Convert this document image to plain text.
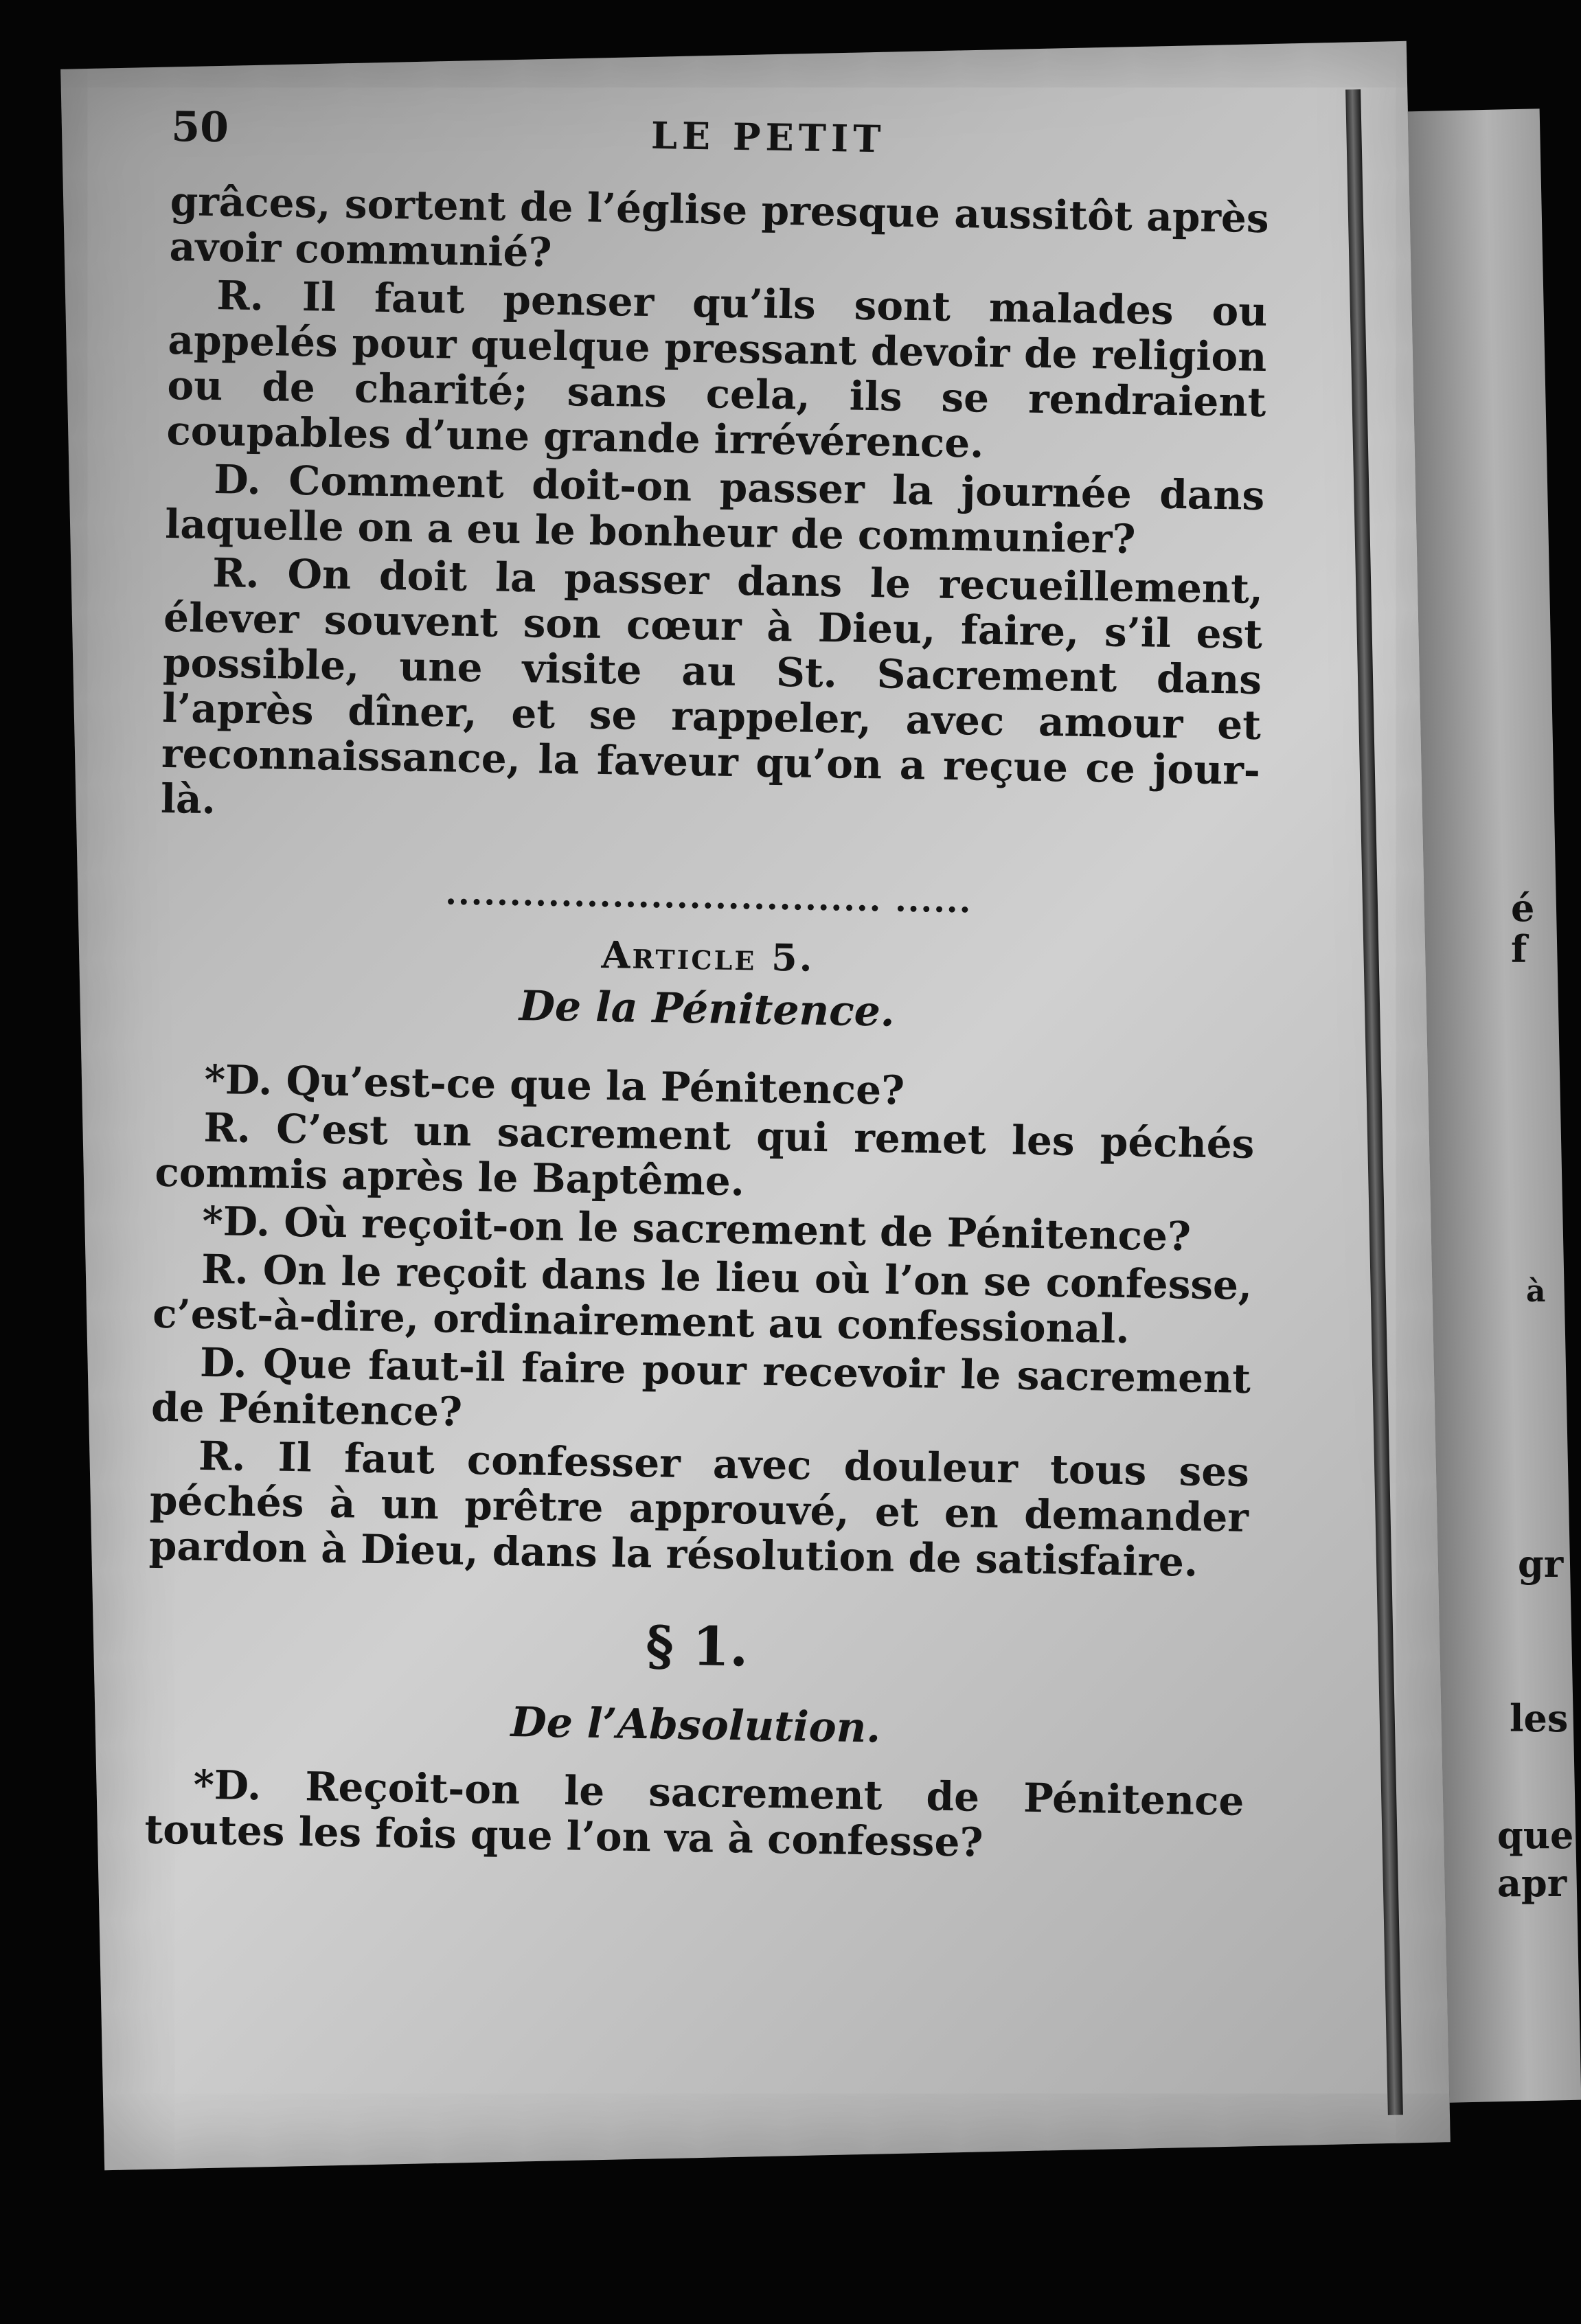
é
f
à
gr
les
que
apr
50	LE PETIT

grâces, sortent de l’église presque aussitôt après avoir communié?

R. Il faut penser qu’ils sont malades ou appelés pour quelque pressant devoir de religion ou de charité; sans cela, ils se rendraient coupables d’une grande irrévérence.

D. Comment doit-on passer la journée dans laquelle on a eu le bonheur de communier?

R. On doit la passer dans le recueillement, élever souvent son cœur à Dieu, faire, s’il est possible, une visite au St. Sacrement dans l’après dîner, et se rappeler, avec amour et reconnaissance, la faveur qu’on a reçue ce jour-là.

.................................. ......
Article 5.
De la Pénitence.

*D. Qu’est-ce que la Pénitence?

R. C’est un sacrement qui remet les péchés commis après le Baptême.

*D. Où reçoit-on le sacrement de Pénitence?

R. On le reçoit dans le lieu où l’on se confesse, c’est-à-dire, ordinairement au confessional.

D. Que faut-il faire pour recevoir le sacrement de Pénitence?

R. Il faut confesser avec douleur tous ses péchés à un prêtre approuvé, et en demander pardon à Dieu, dans la résolution de satisfaire.

§ 1.
De l’Absolution.

*D. Reçoit-on le sacrement de Pénitence toutes les fois que l’on va à confesse?
